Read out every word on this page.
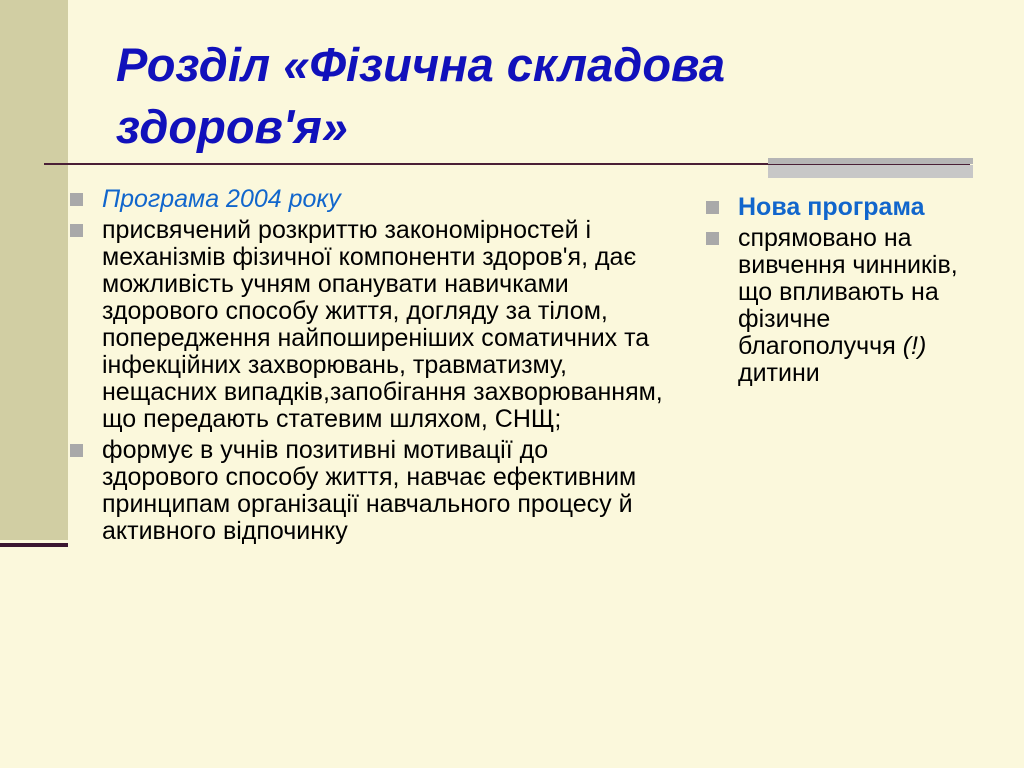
Розділ «Фізична складова здоров'я»
Програма 2004 року
присвячений розкриттю закономірностей і механізмів фізичної компоненти здоров'я, дає можливість учням опанувати навичками здорового способу життя, догляду за тілом, попередження найпоширеніших соматичних та інфекційних захворювань, травматизму, нещасних випадків,запобігання захворюванням, що передають статевим шляхом, СНЩ;
формує в учнів позитивні мотивації до здорового способу життя, навчає ефективним принципам організації навчального процесу й активного відпочинку
Нова програма
спрямовано на вивчення чинників, що впливають на фізичне благополуччя (!) дитини
